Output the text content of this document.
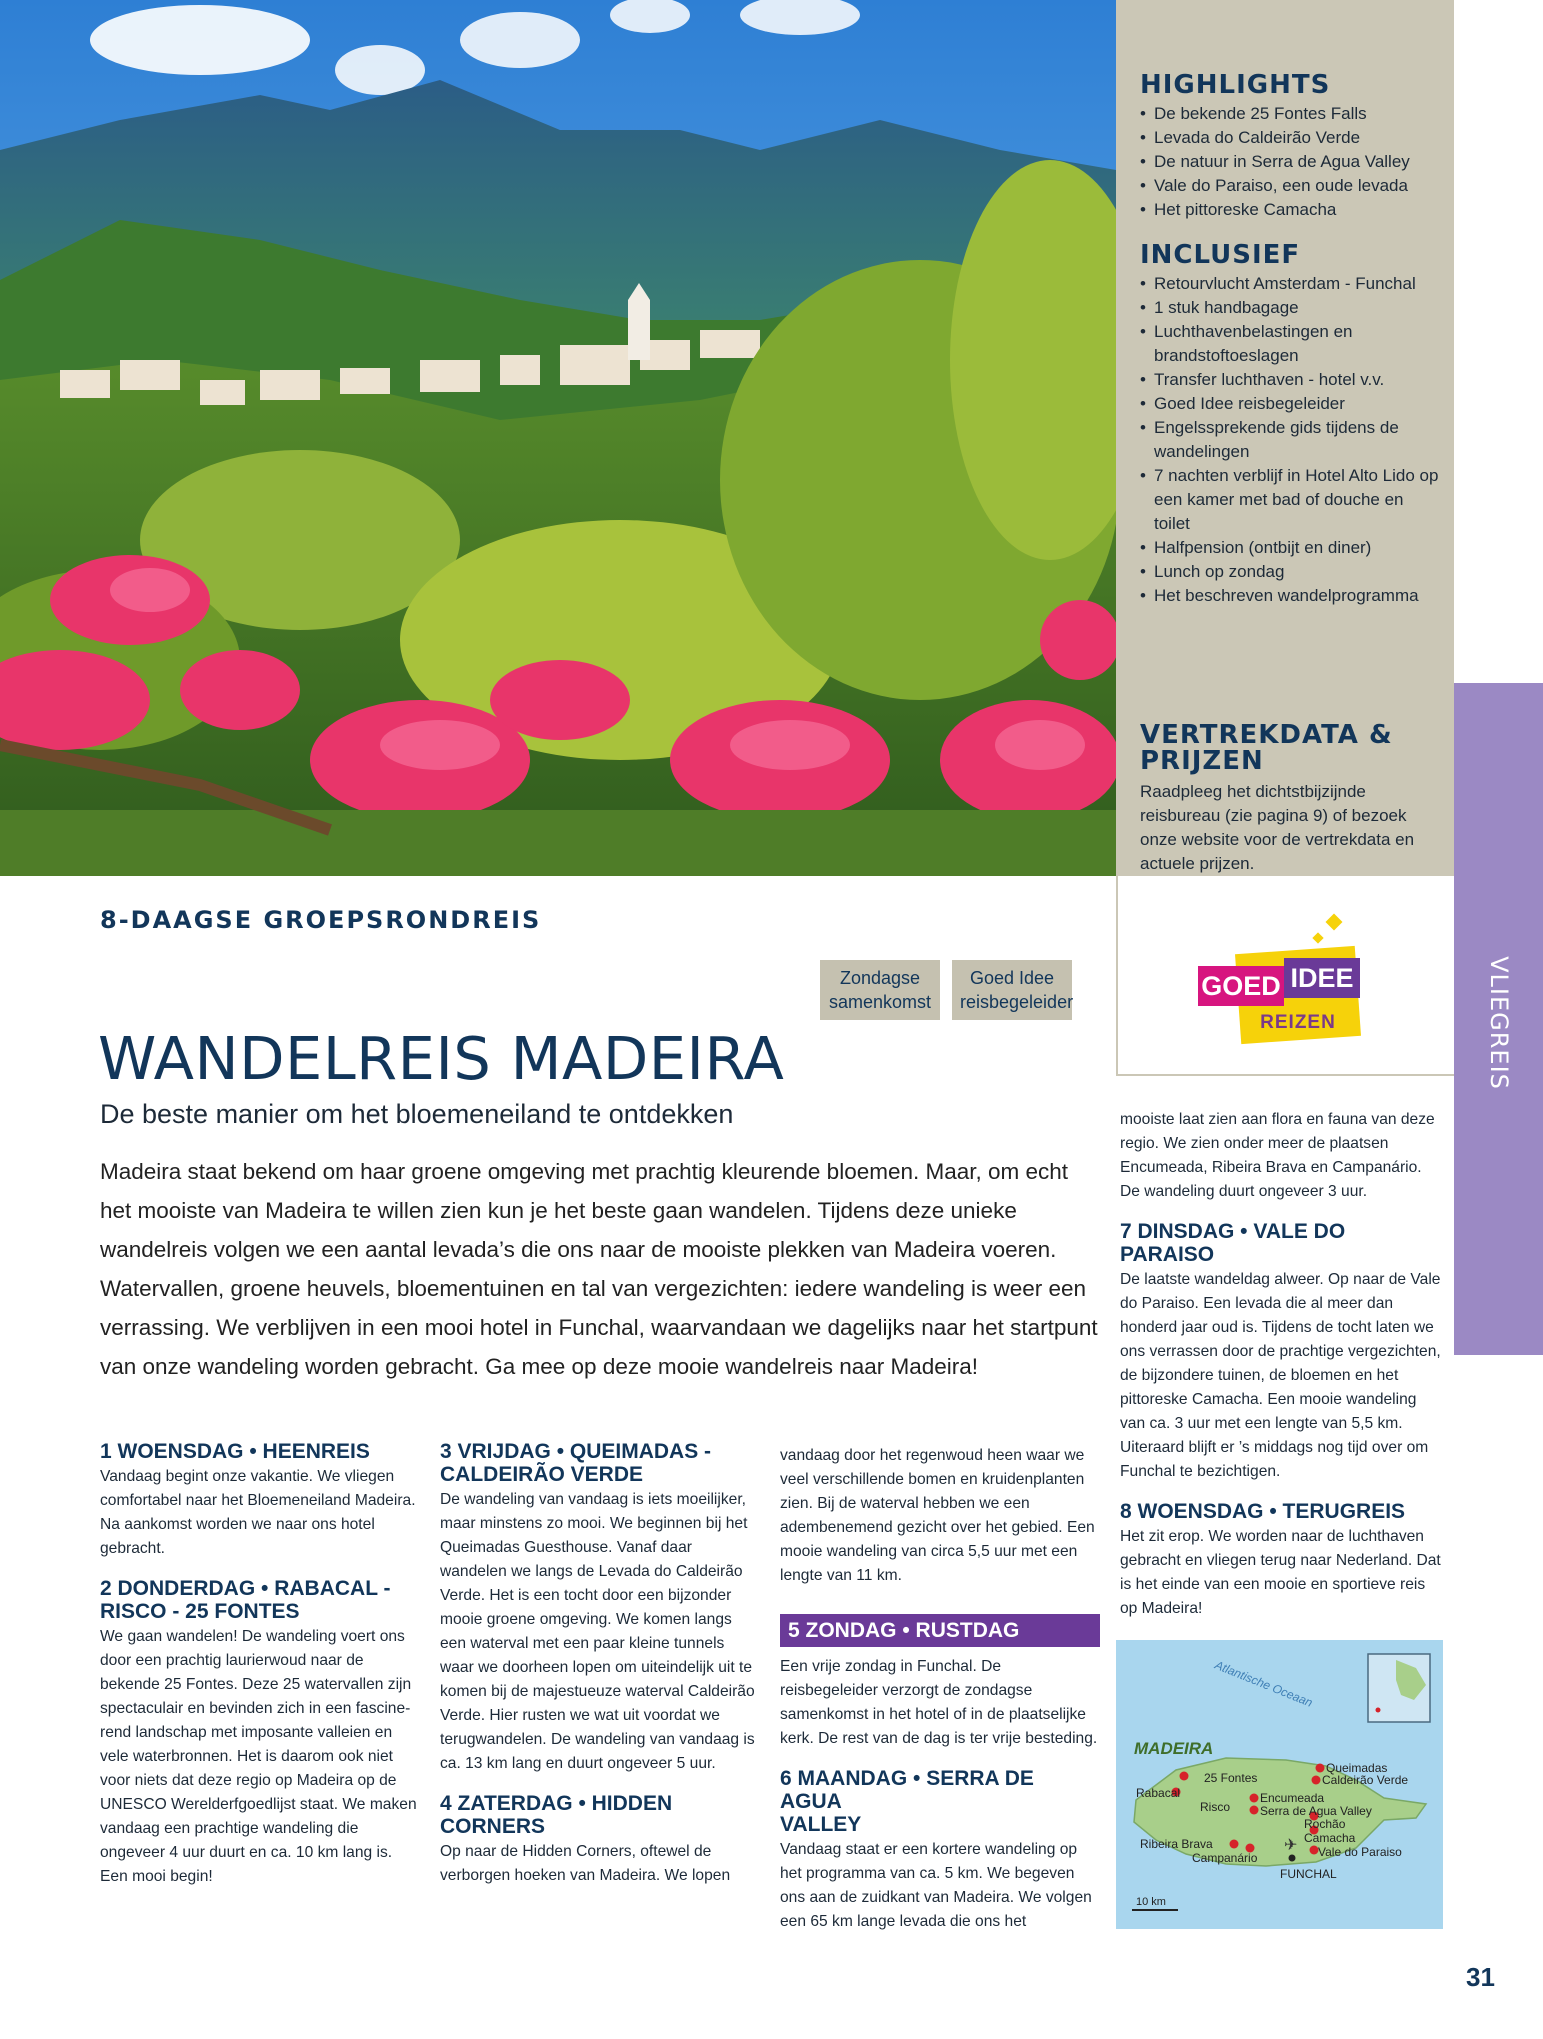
HIGHLIGHTS
• De bekende 25 Fontes Falls
• Levada do Caldeirão Verde
• De natuur in Serra de Agua Valley
• Vale do Paraiso, een oude levada
• Het pittoreske Camacha
INCLUSIEF
• Retourvlucht Amsterdam - Funchal
• 1 stuk handbagage
• Luchthavenbelastingen en brandstoftoeslagen
• Transfer luchthaven - hotel v.v.
• Goed Idee reisbegeleider
• Engelssprekende gids tijdens de wandelingen
• 7 nachten verblijf in Hotel Alto Lido op een kamer met bad of douche en toilet
• Halfpension (ontbijt en diner)
• Lunch op zondag
• Het beschreven wandelprogramma
VERTREKDATA &
PRIJZEN

Raadpleeg het dichtstbijzijnde reisbureau (zie pagina 9) of bezoek onze website voor de vertrekdata en actuele prijzen.

VLIEGREIS
GOED IDEE
REIZEN
8-DAAGSE GROEPSRONDREIS
Zondagse
samenkomst
Goed Idee
reisbegeleider
WANDELREIS MADEIRA
De beste manier om het bloemeneiland te ontdekken

Madeira staat bekend om haar groene omgeving met prachtig kleurende bloemen. Maar, om echt het mooiste van Madeira te willen zien kun je het beste gaan wandelen. Tijdens deze unieke wandelreis volgen we een aantal levada’s die ons naar de mooiste plekken van Madeira voeren. Watervallen, groene heuvels, bloementuinen en tal van vergezichten: iedere wandeling is weer een verrassing. We verblijven in een mooi hotel in Funchal, waarvandaan we dagelijks naar het startpunt van onze wandeling worden gebracht. Ga mee op deze mooie wandelreis naar Madeira!

1 WOENSDAG • HEENREIS

Vandaag begint onze vakantie. We vliegen comfortabel naar het Bloemeneiland Madeira. Na aankomst worden we naar ons hotel gebracht.

2 DONDERDAG • RABACAL -
RISCO - 25 FONTES

We gaan wandelen! De wandeling voert ons door een prachtig laurierwoud naar de bekende 25 Fontes. Deze 25 watervallen zijn spectaculair en bevinden zich in een fascine-rend landschap met imposante valleien en vele waterbronnen. Het is daarom ook niet voor niets dat deze regio op Madeira op de UNESCO Werelderfgoedlijst staat. We maken vandaag een prachtige wandeling die ongeveer 4 uur duurt en ca. 10 km lang is. Een mooi begin!

3 VRIJDAG • QUEIMADAS -
CALDEIRÃO VERDE

De wandeling van vandaag is iets moeilijker, maar minstens zo mooi. We beginnen bij het Queimadas Guesthouse. Vanaf daar wandelen we langs de Levada do Caldeirão Verde. Het is een tocht door een bijzonder mooie groene omgeving. We komen langs een waterval met een paar kleine tunnels waar we doorheen lopen om uiteindelijk uit te komen bij de majestueuze waterval Caldeirão Verde. Hier rusten we wat uit voordat we terugwandelen. De wandeling van vandaag is ca. 13 km lang en duurt ongeveer 5 uur.

4 ZATERDAG • HIDDEN
CORNERS

Op naar de Hidden Corners, oftewel de verborgen hoeken van Madeira. We lopen

vandaag door het regenwoud heen waar we veel verschillende bomen en kruidenplanten zien. Bij de waterval hebben we een adembenemend gezicht over het gebied. Een mooie wandeling van circa 5,5 uur met een lengte van 11 km.

5 ZONDAG • RUSTDAG

Een vrije zondag in Funchal. De reisbegeleider verzorgt de zondagse samenkomst in het hotel of in de plaatselijke kerk. De rest van de dag is ter vrije besteding.

6 MAANDAG • SERRA DE AGUA
VALLEY

Vandaag staat er een kortere wandeling op het programma van ca. 5 km. We begeven ons aan de zuidkant van Madeira. We volgen een 65 km lange levada die ons het

mooiste laat zien aan flora en fauna van deze regio. We zien onder meer de plaatsen Encumeada, Ribeira Brava en Campanário. De wandeling duurt ongeveer 3 uur.

7 DINSDAG • VALE DO PARAISO

De laatste wandeldag alweer. Op naar de Vale do Paraiso. Een levada die al meer dan honderd jaar oud is. Tijdens de tocht laten we ons verrassen door de prachtige vergezichten, de bijzondere tuinen, de bloemen en het pittoreske Camacha. Een mooie wandeling van ca. 3 uur met een lengte van 5,5 km. Uiteraard blijft er ’s middags nog tijd over om Funchal te bezichtigen.

8 WOENSDAG • TERUGREIS

Het zit erop. We worden naar de luchthaven gebracht en vliegen terug naar Nederland. Dat is het einde van een mooie en sportieve reis op Madeira!

Atlantische Oceaan
MADEIRA
✈
Queimadas
Caldeirão Verde
25 Fontes
Rabacal
Risco
Encumeada
Serra de Agua Valley
Rochão
Camacha
Ribeira Brava
Campanário	Vale do Paraiso
FUNCHAL
10 km
31
